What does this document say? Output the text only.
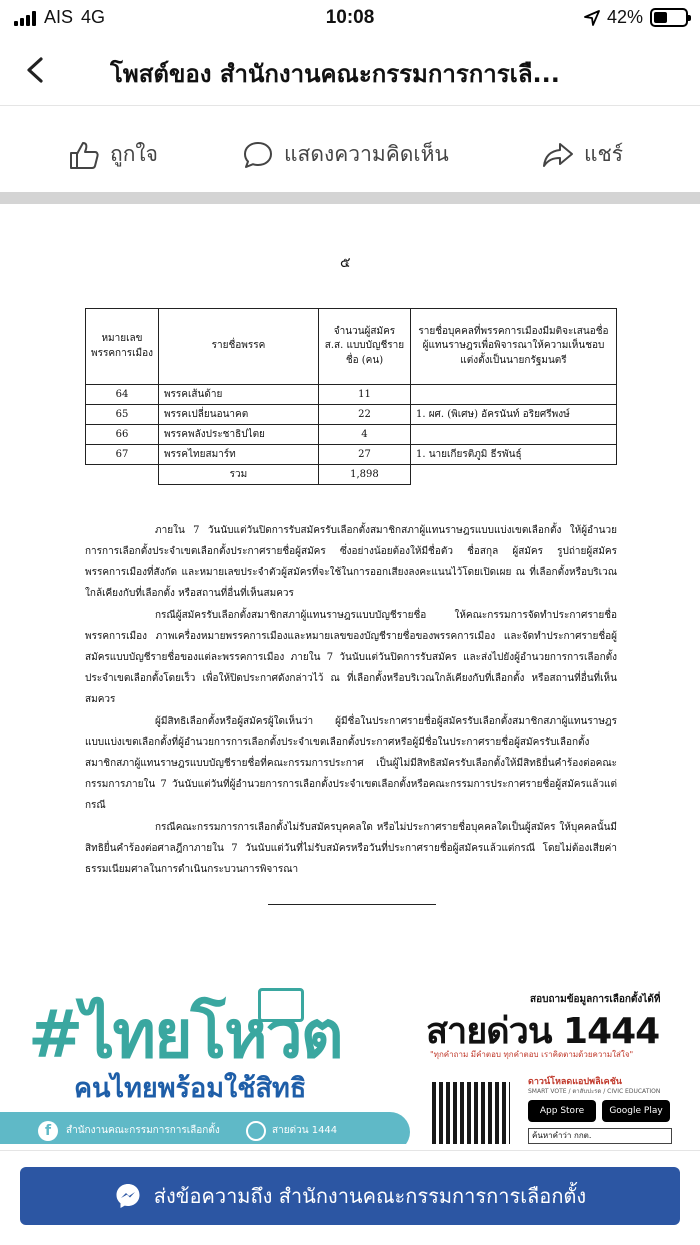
AIS 4G	10:08	42%
โพสต์ของ สำนักงานคณะกรรมการการเลื...
ถูกใจ	แสดงความคิดเห็น	แชร์
๕
หมายเลขพรรคการเมือง	รายชื่อพรรค	จำนวนผู้สมัคร ส.ส. แบบบัญชีรายชื่อ (คน)	รายชื่อบุคคลที่พรรคการเมืองมีมติจะเสนอชื่อผู้แทนราษฎรเพื่อพิจารณาให้ความเห็นชอบแต่งตั้งเป็นนายกรัฐมนตรี
64	พรรคเส้นด้าย	11	
65	พรรคเปลี่ยนอนาคต	22	1. ผศ. (พิเศษ) อัครนันท์ อริยศรีพงษ์
66	พรรคพลังประชาธิปไตย	4	
67	พรรคไทยสมาร์ท	27	1. นายเกียรติภูมิ ธีรพันธุ์
	รวม	1,898	

ภายใน 7 วันนับแต่วันปิดการรับสมัครรับเลือกตั้งสมาชิกสภาผู้แทนราษฎรแบบแบ่งเขตเลือกตั้ง ให้ผู้อำนวยการการเลือกตั้งประจำเขตเลือกตั้งประกาศรายชื่อผู้สมัคร ซึ่งอย่างน้อยต้องให้มีชื่อตัว ชื่อสกุล ผู้สมัคร รูปถ่ายผู้สมัคร พรรคการเมืองที่สังกัด และหมายเลขประจำตัวผู้สมัครที่จะใช้ในการออกเสียงลงคะแนนไว้โดยเปิดเผย ณ ที่เลือกตั้งหรือบริเวณใกล้เคียงกับที่เลือกตั้ง หรือสถานที่อื่นที่เห็นสมควร

กรณีผู้สมัครรับเลือกตั้งสมาชิกสภาผู้แทนราษฎรแบบบัญชีรายชื่อ ให้คณะกรรมการจัดทำประกาศรายชื่อพรรคการเมือง ภาพเครื่องหมายพรรคการเมืองและหมายเลขของบัญชีรายชื่อของพรรคการเมือง และจัดทำประกาศรายชื่อผู้สมัครแบบบัญชีรายชื่อของแต่ละพรรคการเมือง ภายใน 7 วันนับแต่วันปิดการรับสมัคร และส่งไปยังผู้อำนวยการการเลือกตั้งประจำเขตเลือกตั้งโดยเร็ว เพื่อให้ปิดประกาศดังกล่าวไว้ ณ ที่เลือกตั้งหรือบริเวณใกล้เคียงกับที่เลือกตั้ง หรือสถานที่อื่นที่เห็นสมควร

ผู้มีสิทธิเลือกตั้งหรือผู้สมัครผู้ใดเห็นว่า ผู้มีชื่อในประกาศรายชื่อผู้สมัครรับเลือกตั้งสมาชิกสภาผู้แทนราษฎรแบบแบ่งเขตเลือกตั้งที่ผู้อำนวยการการเลือกตั้งประจำเขตเลือกตั้งประกาศหรือผู้มีชื่อในประกาศรายชื่อผู้สมัครรับเลือกตั้งสมาชิกสภาผู้แทนราษฎรแบบบัญชีรายชื่อที่คณะกรรมการประกาศ เป็นผู้ไม่มีสิทธิสมัครรับเลือกตั้งให้มีสิทธิยื่นคำร้องต่อคณะกรรมการภายใน 7 วันนับแต่วันที่ผู้อำนวยการการเลือกตั้งประจำเขตเลือกตั้งหรือคณะกรรมการประกาศรายชื่อผู้สมัครแล้วแต่กรณี

กรณีคณะกรรมการการเลือกตั้งไม่รับสมัครบุคคลใด หรือไม่ประกาศรายชื่อบุคคลใดเป็นผู้สมัคร ให้บุคคลนั้นมีสิทธิยื่นคำร้องต่อศาลฎีกาภายใน 7 วันนับแต่วันที่ไม่รับสมัครหรือวันที่ประกาศรายชื่อผู้สมัครแล้วแต่กรณี โดยไม่ต้องเสียค่าธรรมเนียมศาลในการดำเนินกระบวนการพิจารณา

#ไทยโหวต
คนไทยพร้อมใช้สิทธิ
f	สำนักงานคณะกรรมการการเลือกตั้ง	สายด่วน 1444
สอบถามข้อมูลการเลือกตั้งได้ที่
สายด่วน 1444
"ทุกคำถาม มีคำตอบ ทุกคำตอบ เราคิดตามด้วยความใส่ใจ"
ดาวน์โหลดแอปพลิเคชัน
SMART VOTE / ตาสับปะรด / CIVIC EDUCATION
App Store	Google Play
ค้นหาคำว่า กกต.
ส่งข้อความถึง สำนักงานคณะกรรมการการเลือกตั้ง
